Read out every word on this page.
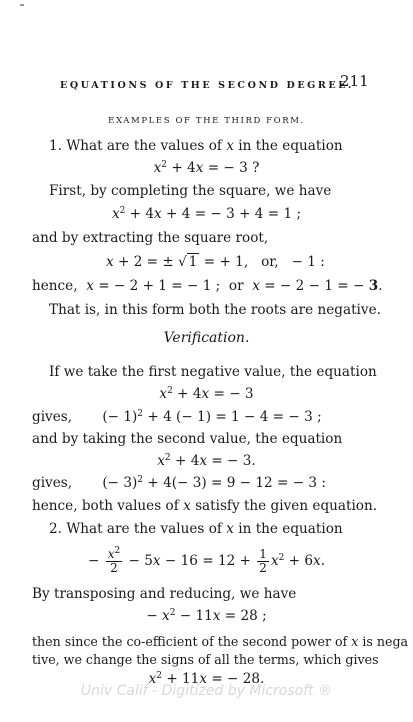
EQUATIONS OF THE SECOND DEGREE.
211
EXAMPLES OF THE THIRD FORM.
1. What are the values of x in the equation
$x^2 + 4x$ = − 3 ?
First, by completing the square, we have
$x^2 + 4x + 4$ = − 3 + 4 = 1 ;
and by extracting the square root,
x + 2 = ± √ 1 = + 1,   or,   − 1 :
hence, x = − 2 + 1 = − 1 ;  or  x = − 2 − 1 = − 3.
That is, in this form both the roots are negative.
Verification.
If we take the first negative value, the equation
$x^2 + 4x$ = − 3
gives,       (− 1)$^2$ + 4 (− 1) = 1 − 4 = − 3 ;
and by taking the second value, the equation
$x^2 + 4x$ = − 3.
gives,       (− 3)$^2$ + 4(− 3) = 9 − 12 = − 3 :
hence, both values of x satisfy the given equation.
2. What are the values of x in the equation
− $\frac{x^2}{2} - 5x - 16 = 12 + \frac{1}{2} x^2 + 6x$.
By transposing and reducing, we have
− $x^2 - 11x = 28$ ;
then since the co-efficient of the second power of x is nega
tive, we change the signs of all the terms, which gives
$x^2 + 11x$ = − 28.
Univ Calif - Digitized by Microsoft ®
